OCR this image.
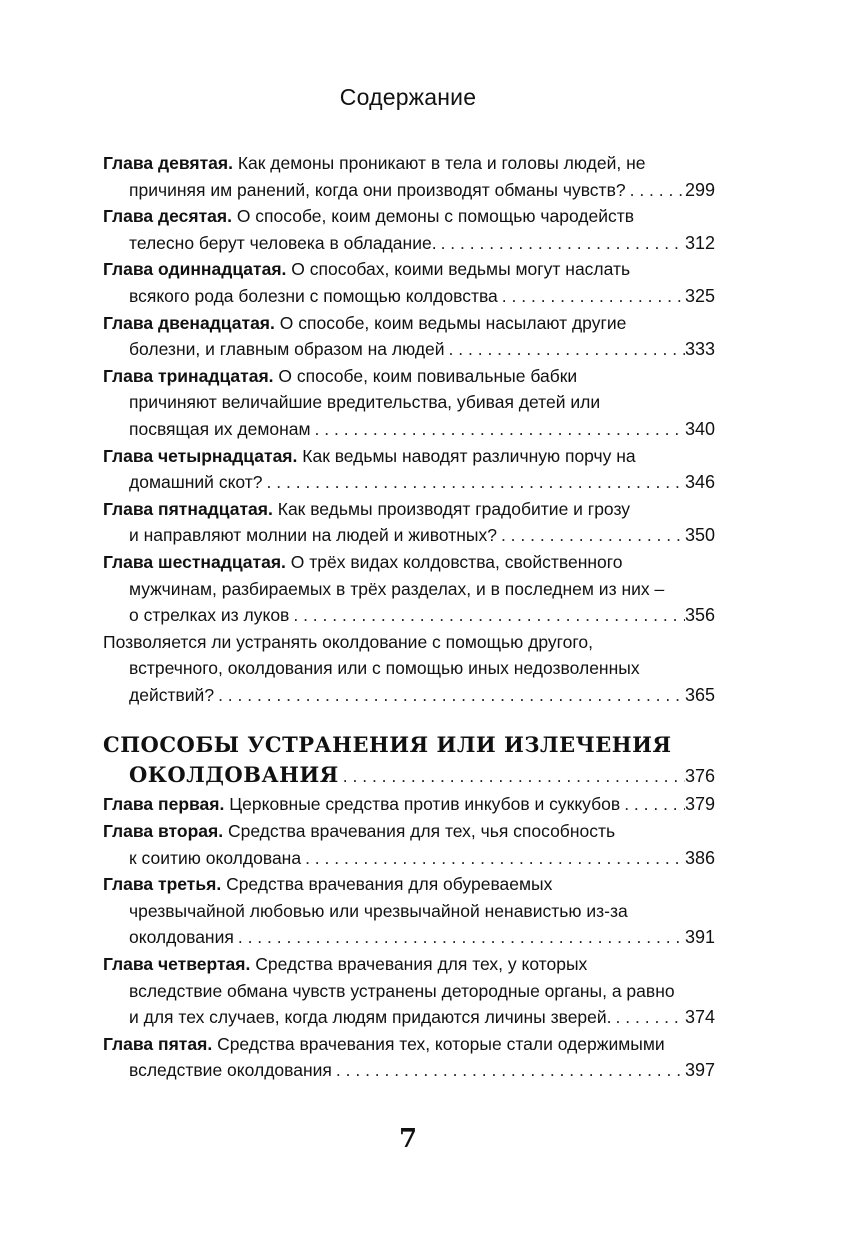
Содержание
Глава девятая. Как демоны проникают в тела и головы людей, не
причиняя им ранений, когда они производят обманы чувств? . . .	299
Глава десятая. О способе, коим демоны с помощью чародейств
телесно берут человека в обладание. . . .	312
Глава одиннадцатая. О способах, коими ведьмы могут наслать
всякого рода болезни с помощью колдовства . . .	325
Глава двенадцатая. О способе, коим ведьмы насылают другие
болезни, и главным образом на людей . . .	333
Глава тринадцатая. О способе, коим повивальные бабки
причиняют величайшие вредительства, убивая детей или
посвящая их демонам . . .	340
Глава четырнадцатая. Как ведьмы наводят различную порчу на
домашний скот? . . .	346
Глава пятнадцатая. Как ведьмы производят градобитие и грозу
и направляют молнии на людей и животных? . . .	350
Глава шестнадцатая. О трёх видах колдовства, свойственного
мужчинам, разбираемых в трёх разделах, и в последнем из них –
о стрелках из луков . . .	356
Позволяется ли устранять околдование с помощью другого,
встречного, околдования или с помощью иных недозволенных
действий? . . .	365
СПОСОБЫ УСТРАНЕНИЯ ИЛИ ИЗЛЕЧЕНИЯ
ОКОЛДОВАНИЯ . . .	376
Глава первая. Церковные средства против инкубов и суккубов . . .	379
Глава вторая. Средства врачевания для тех, чья способность
к соитию околдована . . .	386
Глава третья. Средства врачевания для обуреваемых
чрезвычайной любовью или чрезвычайной ненавистью из-за
околдования . . .	391
Глава четвертая. Средства врачевания для тех, у которых
вследствие обмана чувств устранены детородные органы, а равно
и для тех случаев, когда людям придаются личины зверей. . . .	374
Глава пятая. Средства врачевания тех, которые стали одержимыми
вследствие околдования . . .	397
7
